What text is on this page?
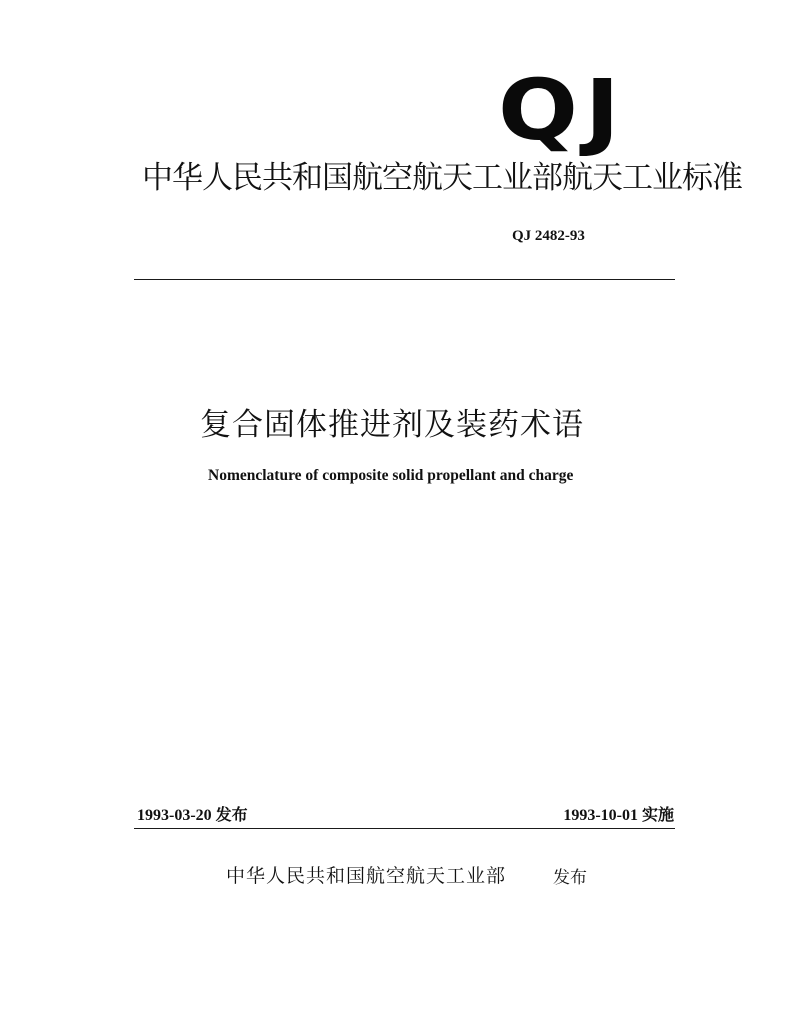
QJ
中华人民共和国航空航天工业部航天工业标准
QJ 2482-93
复合固体推进剂及装药术语
Nomenclature of composite solid propellant and charge
1993-03-20 发布	1993-10-01 实施
中华人民共和国航空航天工业部	发布
